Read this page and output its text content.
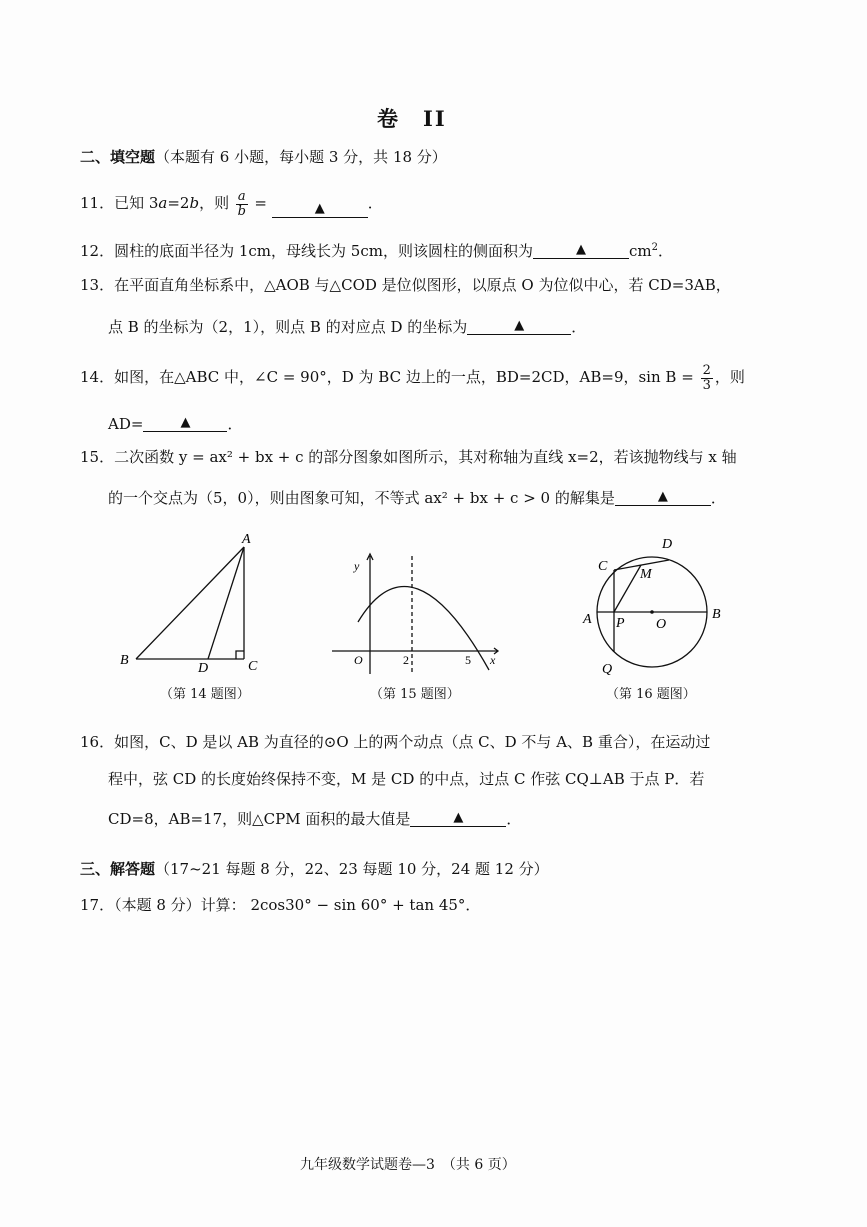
卷　II
二、填空题（本题有 6 小题，每小题 3 分，共 18 分）
11．已知 3a=2b，则 $\frac{a}{b}$ =	▲	．
12．圆柱的底面半径为 1cm，母线长为 5cm，则该圆柱的侧面积为	▲	$cm^2$．
13．在平面直角坐标系中，△AOB 与△COD 是位似图形，以原点 O 为位似中心，若 CD=3AB，
点 B 的坐标为（2，1），则点 B 的对应点 D 的坐标为	▲	．
14．如图，在△ABC 中，∠C = 90°，D 为 BC 边上的一点，BD=2CD，AB=9，$\sin B = \frac{2}{3}$ ，则
AD=	▲ ．
15．二次函数 y = ax² + bx + c 的部分图象如图所示，其对称轴为直线 x=2，若该抛物线与 x 轴
的一个交点为（5，0），则由图象可知，不等式 ax² + bx + c > 0 的解集是	▲	．
A
B	C
D
（第 14 题图）
y
x
O	2	5
（第 15 题图）
C
D
M
A P O
B
Q
（第 16 题图）
16．如图，C、D 是以 AB 为直径的⊙O 上的两个动点（点 C、D 不与 A、B 重合），在运动过
程中，弦 CD 的长度始终保持不变，M 是 CD 的中点，过点 C 作弦 CQ⊥AB 于点 P．若
CD=8，AB=17，则△CPM 面积的最大值是	▲	．
三、解答题（17~21 每题 8 分，22、23 每题 10 分，24 题 12 分）
17．（本题 8 分）计算： 2cos30° − sin 60° + tan 45°．
九年级数学试题卷—3　（共 6 页）
